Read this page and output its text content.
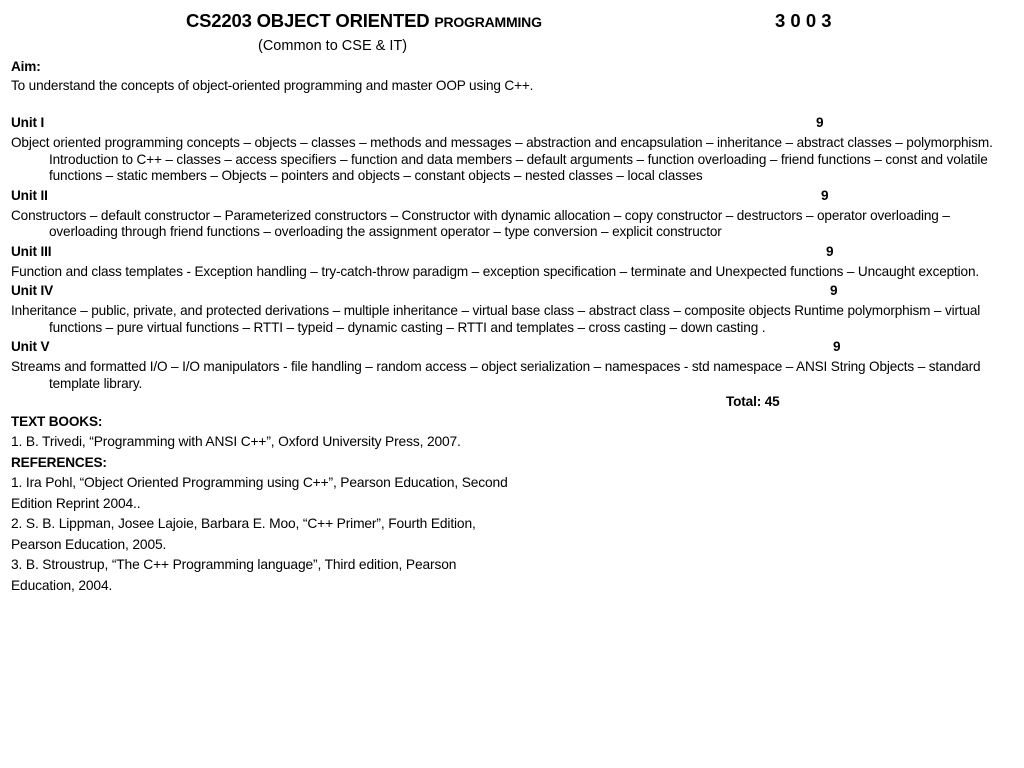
CS2203 OBJECT ORIENTED PROGRAMMING	3 0 0 3
(Common to CSE & IT)
Aim:
To understand the concepts of object-oriented programming and master OOP using C++.
Unit I	9
Object oriented programming concepts – objects – classes – methods and messages – abstraction and encapsulation – inheritance – abstract classes – polymorphism. Introduction to C++ – classes – access specifiers – function and data members – default arguments – function overloading – friend functions – const and volatile functions – static members – Objects – pointers and objects – constant objects – nested classes – local classes
Unit II	9
Constructors – default constructor – Parameterized constructors – Constructor with dynamic allocation – copy constructor – destructors – operator overloading – overloading through friend functions – overloading the assignment operator – type conversion – explicit constructor
Unit III	9
Function and class templates - Exception handling – try-catch-throw paradigm – exception specification – terminate and Unexpected functions – Uncaught exception.
Unit IV	9
Inheritance – public, private, and protected derivations – multiple inheritance – virtual base class – abstract class – composite objects Runtime polymorphism – virtual functions – pure virtual functions – RTTI – typeid – dynamic casting – RTTI and templates – cross casting – down casting .
Unit V	9
Streams and formatted I/O – I/O manipulators - file handling – random access – object serialization – namespaces - std namespace – ANSI String Objects – standard template library.
Total: 45
TEXT BOOKS:
1. B. Trivedi, “Programming with ANSI C++”, Oxford University Press, 2007.
REFERENCES:
1. Ira Pohl, “Object Oriented Programming using C++”, Pearson Education, Second
Edition Reprint 2004..
2. S. B. Lippman, Josee Lajoie, Barbara E. Moo, “C++ Primer”, Fourth Edition,
Pearson Education, 2005.
3. B. Stroustrup, “The C++ Programming language”, Third edition, Pearson
Education, 2004.
